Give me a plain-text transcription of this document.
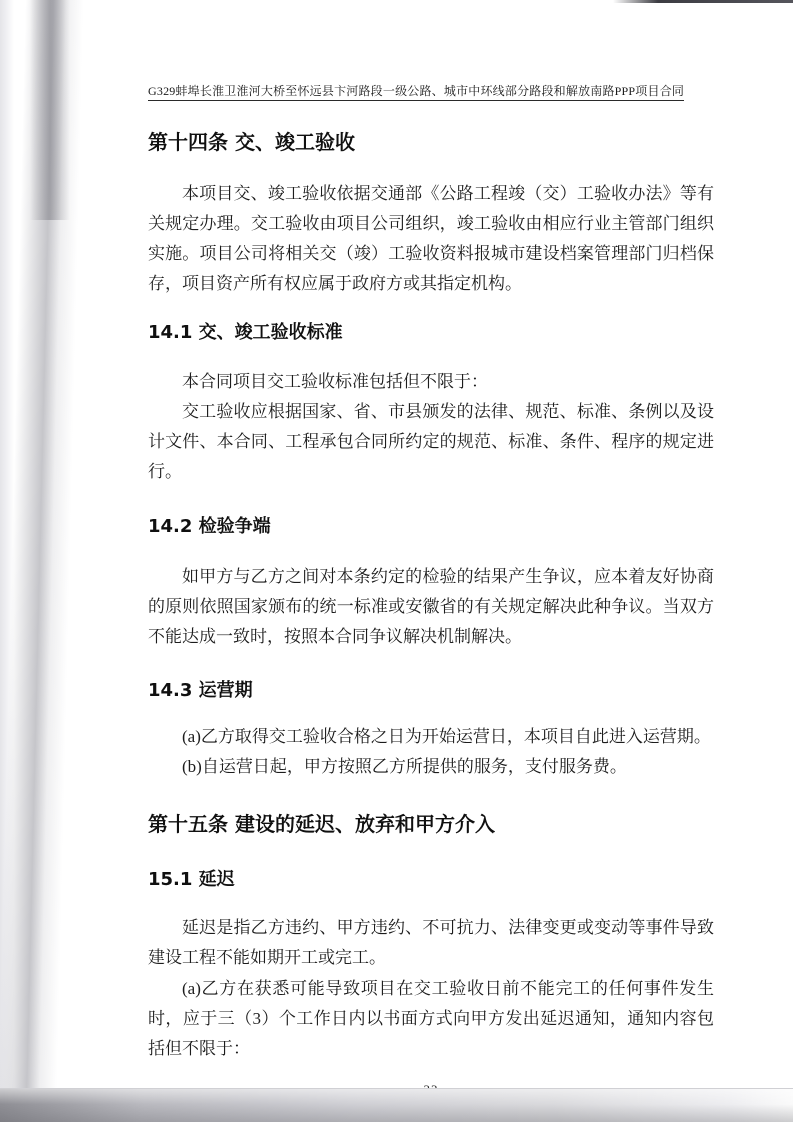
G329蚌埠长淮卫淮河大桥至怀远县卞河路段一级公路、城市中环线部分路段和解放南路PPP项目合同
第十四条 交、竣工验收

本项目交、竣工验收依据交通部《公路工程竣（交）工验收办法》等有关规定办理。交工验收由项目公司组织，竣工验收由相应行业主管部门组织实施。项目公司将相关交（竣）工验收资料报城市建设档案管理部门归档保存，项目资产所有权应属于政府方或其指定机构。

14.1 交、竣工验收标准

本合同项目交工验收标准包括但不限于：

交工验收应根据国家、省、市县颁发的法律、规范、标准、条例以及设计文件、本合同、工程承包合同所约定的规范、标准、条件、程序的规定进行。

14.2 检验争端

如甲方与乙方之间对本条约定的检验的结果产生争议，应本着友好协商的原则依照国家颁布的统一标准或安徽省的有关规定解决此种争议。当双方不能达成一致时，按照本合同争议解决机制解决。

14.3 运营期

(a)乙方取得交工验收合格之日为开始运营日，本项目自此进入运营期。

(b)自运营日起，甲方按照乙方所提供的服务，支付服务费。

第十五条 建设的延迟、放弃和甲方介入
15.1 延迟

延迟是指乙方违约、甲方违约、不可抗力、法律变更或变动等事件导致建设工程不能如期开工或完工。

(a)乙方在获悉可能导致项目在交工验收日前不能完工的任何事件发生时，应于三（3）个工作日内以书面方式向甲方发出延迟通知，通知内容包括但不限于：
